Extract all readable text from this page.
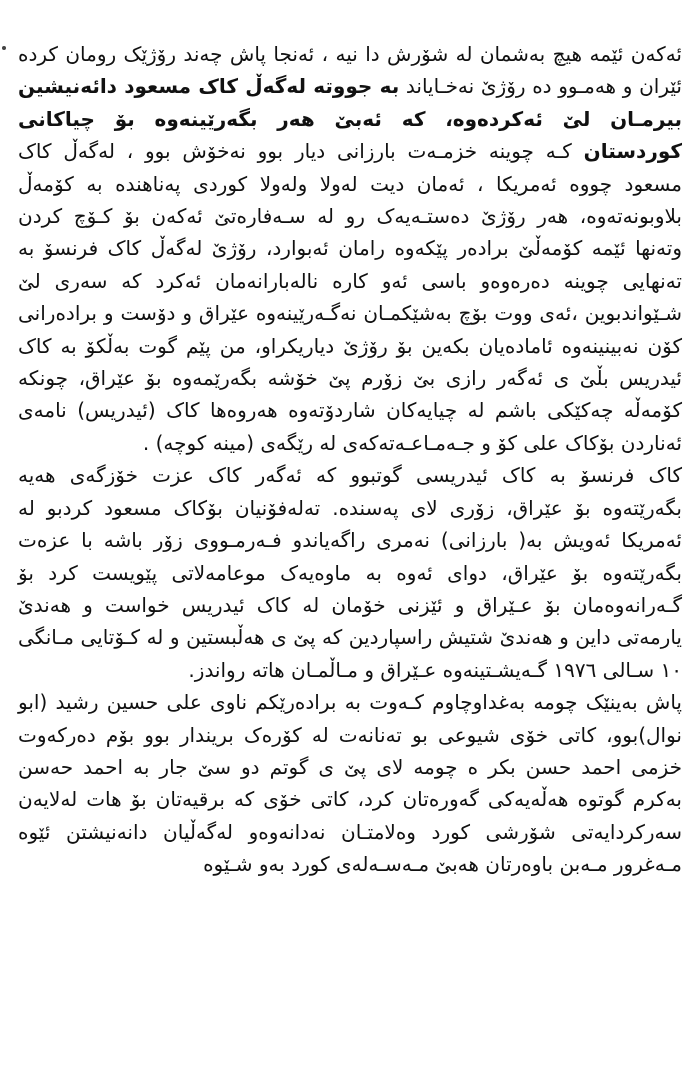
ئەکەن ئێمە هیچ بەشمان لە شۆرش دا نیە ، ئەنجا پاش چەند رۆژێک رومان کردە ئێران و هەمـوو دە رۆژێ نەخـایاند بە جووتە لەگەڵ کاک مسعود دائەنیشین بیرمـان لێ ئەکردەوە، کە ئەبێ هەر بگەرێینەوە بۆ چیاکانی کوردستان کـە چوینە خزمـەت بارزانی دیار بوو نەخۆش بوو ، لەگەڵ کاک مسعود چووە ئەمریکا ، ئەمان دیت لەولا ولەولا کوردی پەناهندە بە کۆمەڵ بلاوبونەتەوە، هەر رۆژێ دەستـەیەک رو لە سـەفارەتێ ئەکەن بۆ کـۆچ کردن وتەنها ئێمە کۆمەڵێ برادەر پێکەوە رامان ئەبوارد، رۆژێ لەگەڵ کاک فرنسۆ بە تەنهایی چوینە دەرەوەو باسی ئەو کارە نالەبارانەمان ئەکرد کە سەری لێ شـێواندبوین ،ئەی ووت بۆچ بەشێکمـان نەگـەرێینەوە عێراق و دۆست و برادەرانی کۆن نەبینینەوە ئامادەیان بکەین بۆ رۆژێ دیاریکراو، من پێم گوت بەڵکۆ بە کاک ئیدریس بڵێ ی ئەگەر رازی بێ زۆرم پێ خۆشە بگەرێمەوە بۆ عێراق، چونکە کۆمەڵە چەکێکی باشم لە چیایەکان شاردۆتەوە هەروەها کاک (ئیدریس) نامەی ئەناردن بۆکاک علی کۆ و جـەمـاعـەتەکەی لە رێگەی (مینە کوچە) .

کاک فرنسۆ بە کاک ئیدریسی گوتبوو کە ئەگەر کاک عزت خۆزگەی هەیە بگەرێتەوە بۆ عێراق، زۆری لای پەسندە. تەلەفۆنیان بۆکاک مسعود کردبو لە ئەمریکا ئەویش بە( بارزانی) نەمری راگەیاندو فـەرمـووی زۆر باشە با عزەت بگەرێتەوە بۆ عێراق، دوای ئەوە بە ماوەیەک موعامەلاتی پێویست کرد بۆ گـەرانەوەمان بۆ عـێراق و ئێزنی خۆمان لە کاک ئیدریس خواست و هەندێ یارمەتی داین و هەندێ شتیش راسپاردین کە پێ ی هەڵبستین و لە کـۆتایی مـانگی ١٠ سـالی ١٩٧٦ گـەیشـتینەوە عـێراق و مـاڵمـان هاتە رواندز.

پاش بەینێک چومە بەغداوچاوم کـەوت بە برادەرێکم ناوی علی حسین رشید (ابو نوال)بوو، کاتی خۆی شیوعی بو تەنانەت لە کۆرەک بریندار بوو بۆم دەرکەوت خزمی احمد حسن بکر ە چومە لای پێ ی گوتم دو سێ جار بە احمد حەسن بەکرم گوتوە هەڵەیەکی گەورەتان کرد، کاتی خۆی کە برقیەتان بۆ هات لەلایەن سەرکردایەتی شۆرشی کورد وەلامتـان نەدانەوەو لەگەڵیان دانەنیشتن ئێوە مـەغرور مـەبن باوەرتان هەبێ مـەسـەلەی کورد بەو شـێوە
